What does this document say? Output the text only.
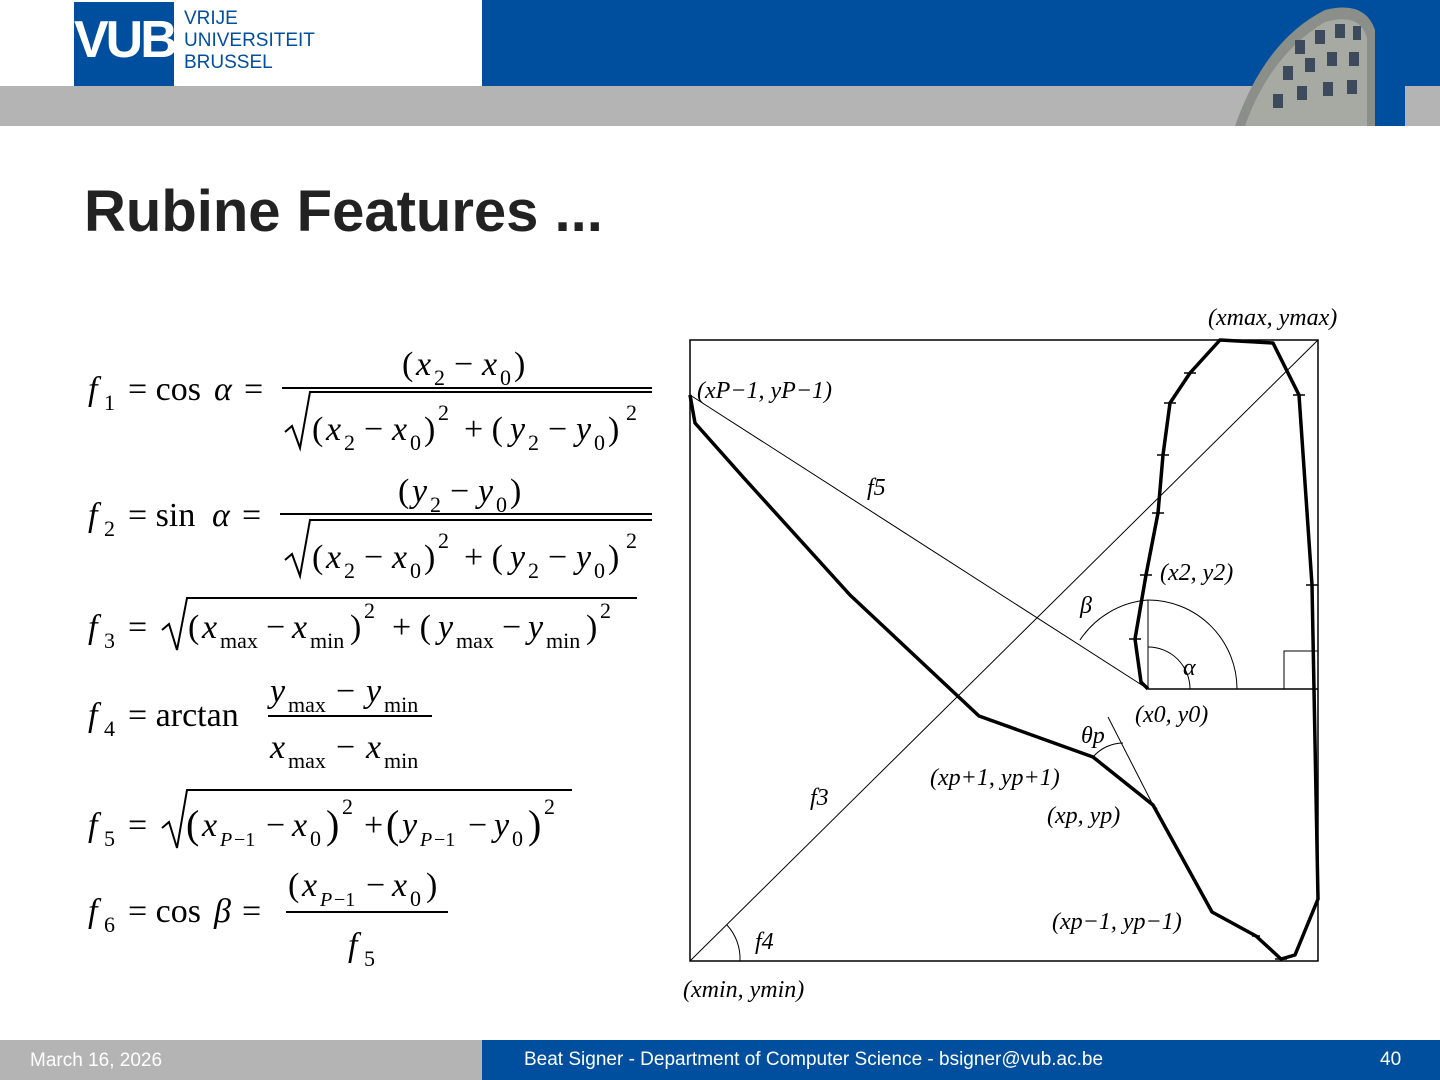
VUB VRIJE
UNIVERSITEIT
BRUSSEL
Rubine Features ...
f 1 = cos α =
( x 2 − x 0 )
( x 2 − x 0 ) 2 + ( y 2 − y 0 ) 2
f 2 = sin α =
( y 2 − y 0 )
( x 2 − x 0 ) 2 + ( y 2 − y 0 ) 2
f 3 = ( x max − x min ) 2 + ( y max − y min ) 2
f 4 = arctan
y max − y min
x max − x min
f 5 = ( x P −1 − x 0 ) 2
+ ( y P −1 − y 0 ) 2
f 6 = cos β =
( x P −1 − x 0 )
f 5
(xmax, ymax)
(xP−1, yP−1)
(x0, y0)
(x2, y2)
(xp+1, yp+1)
(xp, yp)
(xp−1, yp−1)
(xmin, ymin)
f3
f4
f5
α
β
θp
March 16, 2026	Beat Signer - Department of Computer Science - bsigner@vub.ac.be	40
